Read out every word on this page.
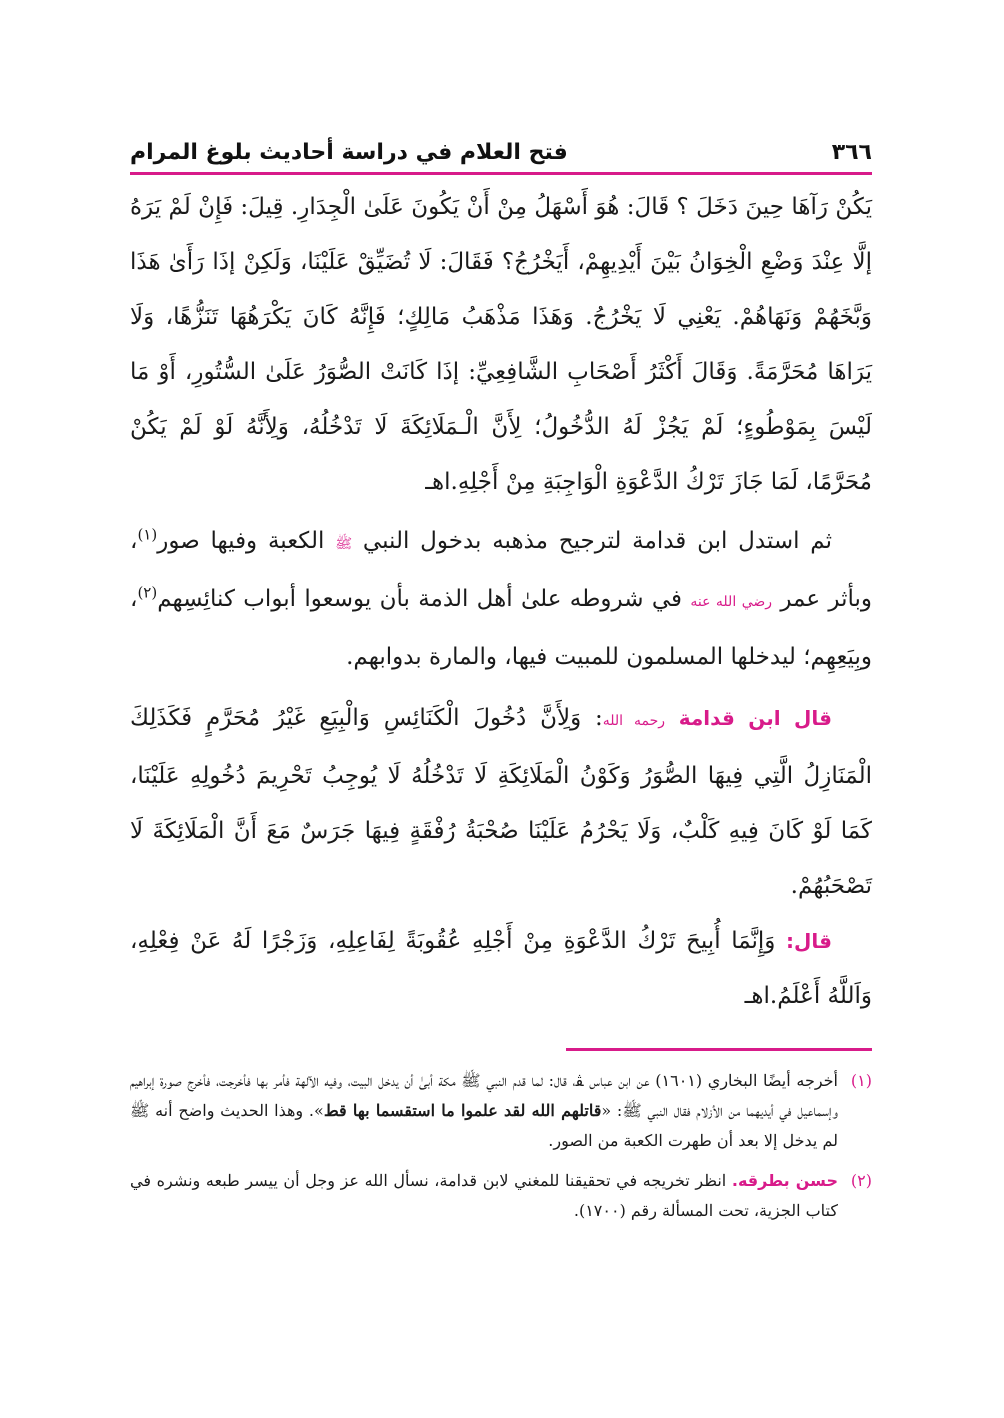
٣٦٦
فتح العلام في دراسة أحاديث بلوغ المرام

يَكُنْ رَآهَا حِينَ دَخَلَ ؟ قَالَ: هُوَ أَسْهَلُ مِنْ أَنْ يَكُونَ عَلَىٰ الْجِدَارِ. قِيلَ: فَإِنْ لَمْ يَرَهُ إلَّا عِنْدَ وَضْعِ الْخِوَانُ بَيْنَ أَيْدِيهِمْ، أَيَخْرُجُ؟ فَقَالَ: لَا تُضَيِّقْ عَلَيْنَا، وَلَكِنْ إذَا رَأَىٰ هَذَا وَبَّخَهُمْ وَنَهَاهُمْ. يَعْنِي لَا يَخْرُجُ. وَهَذَا مَذْهَبُ مَالِكٍ؛ فَإِنَّهُ كَانَ يَكْرَهُهَا تَنَزُّهًا، وَلَا يَرَاهَا مُحَرَّمَةً. وَقَالَ أَكْثَرُ أَصْحَابِ الشَّافِعِيِّ: إذَا كَانَتْ الصُّوَرُ عَلَىٰ السُّتُورِ، أَوْ مَا لَيْسَ بِمَوْطُوءٍ؛ لَمْ يَجُزْ لَهُ الدُّخُولُ؛ لِأَنَّ الْـمَلَائِكَةَ لَا تَدْخُلُهُ، وَلِأَنَّهُ لَوْ لَمْ يَكُنْ مُحَرَّمًا، لَمَا جَازَ تَرْكُ الدَّعْوَةِ الْوَاجِبَةِ مِنْ أَجْلِهِ.اهـ

ثم استدل ابن قدامة لترجيح مذهبه بدخول النبي ﷺ الكعبة وفيها صور$^{(١)}$، وبأثر عمر رضي الله عنه في شروطه علىٰ أهل الذمة بأن يوسعوا أبواب كنائِسِهم$^{(٢)}$، وبِيَعِهِم؛ ليدخلها المسلمون للمبيت فيها، والمارة بدوابهم.

قال ابن قدامة رحمه الله: وَلِأَنَّ دُخُولَ الْكَنَائِسِ وَالْبِيَعِ غَيْرُ مُحَرَّمٍ فَكَذَلِكَ الْمَنَازِلُ الَّتِي فِيهَا الصُّوَرُ وَكَوْنُ الْمَلَائِكَةِ لَا تَدْخُلُهُ لَا يُوجِبُ تَحْرِيمَ دُخُولِهِ عَلَيْنَا، كَمَا لَوْ كَانَ فِيهِ كَلْبٌ، وَلَا يَحْرُمُ عَلَيْنَا صُحْبَةُ رُفْقَةٍ فِيهَا جَرَسٌ مَعَ أَنَّ الْمَلَائِكَةَ لَا تَصْحَبُهُمْ.

قال: وَإِنَّمَا أُبِيحَ تَرْكُ الدَّعْوَةِ مِنْ أَجْلِهِ عُقُوبَةً لِفَاعِلِهِ، وَزَجْرًا لَهُ عَنْ فِعْلِهِ، وَاَللَّهُ أَعْلَمُ.اهـ

(١)
أخرجه أيضًا البخاري (١٦٠١) عن ابن عباس ﭭ، قال: لما قدم النبي ﷺ مكة أبىٰ أن يدخل البيت، وفيه الآلهة فأمر بها فأخرجت، فأخرج صورة إبراهيم وإسماعيل في أيديهما من الأزلام فقال النبي ﷺ: «قاتلهم الله لقد علموا ما استقسما بها قط». وهذا الحديث واضح أنه ﷺ لم يدخل إلا بعد أن طهرت الكعبة من الصور.

(٢)
حسن بطرقه. انظر تخريجه في تحقيقنا للمغني لابن قدامة، نسأل الله عز وجل أن ييسر طبعه ونشره في كتاب الجزية، تحت المسألة رقم (١٧٠٠).
